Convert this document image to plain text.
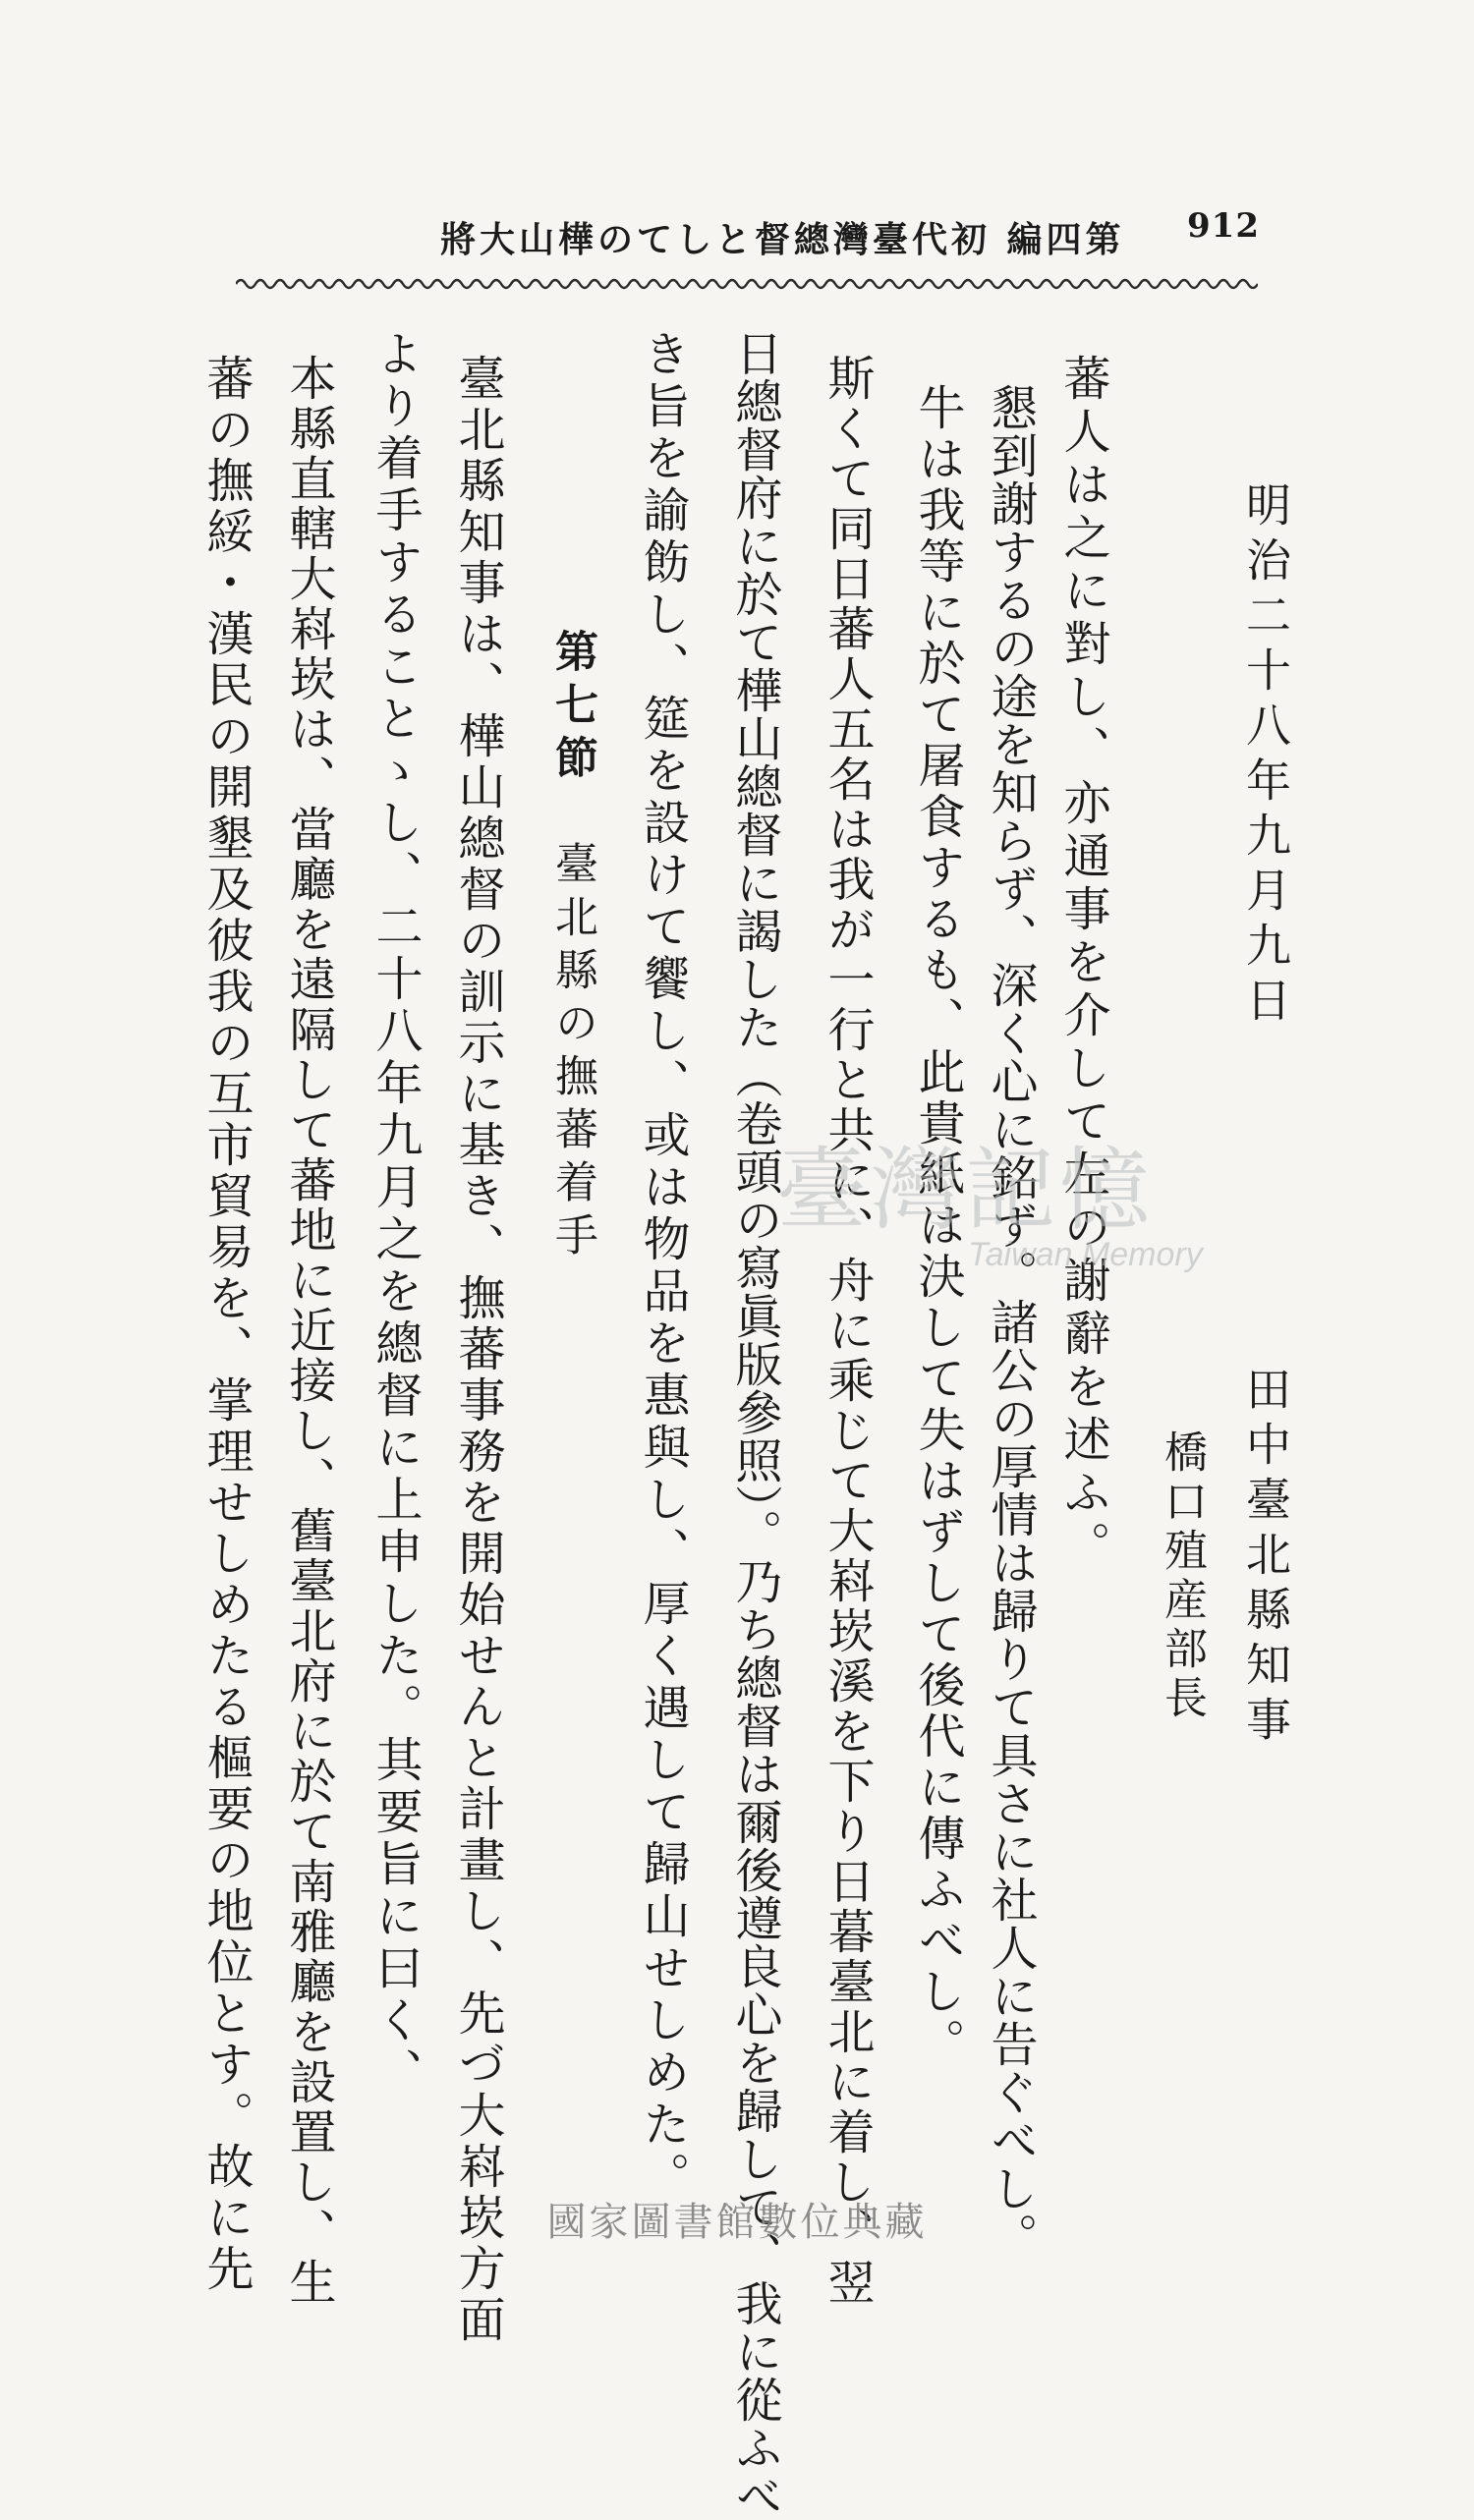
912
第四編 初代臺灣總督としての樺山大將
明治二十八年九月九日
田中臺北縣知事
橋口殖産部長
蕃人は之に對し、亦通事を介して左の謝辭を述ふ。
懇到謝するの途を知らず、深く心に銘ず。諸公の厚情は歸りて具さに社人に告ぐべし。
牛は我等に於て屠食するも、此貴紙は決して失はずして後代に傳ふべし。
斯くて同日蕃人五名は我が一行と共に、舟に乘じて大嵙崁溪を下り日暮臺北に着し、翌
日總督府に於て樺山總督に謁した（卷頭の寫眞版參照）。乃ち總督は爾後遵良心を歸して、我に從ふべ
き旨を諭飭し、筵を設けて饗し、或は物品を惠與し、厚く遇して歸山せしめた。
第七節　臺北縣の撫蕃着手
臺北縣知事は、樺山總督の訓示に基き、撫蕃事務を開始せんと計畫し、先づ大嵙崁方面
より着手することゝし、二十八年九月之を總督に上申した。其要旨に曰く、
本縣直轄大嵙崁は、當廳を遠隔して蕃地に近接し、舊臺北府に於て南雅廳を設置し、生
蕃の撫綏・漢民の開墾及彼我の互市貿易を、掌理せしめたる樞要の地位とす。故に先	臺灣記憶
Taiwan Memory
國家圖書館數位典藏
